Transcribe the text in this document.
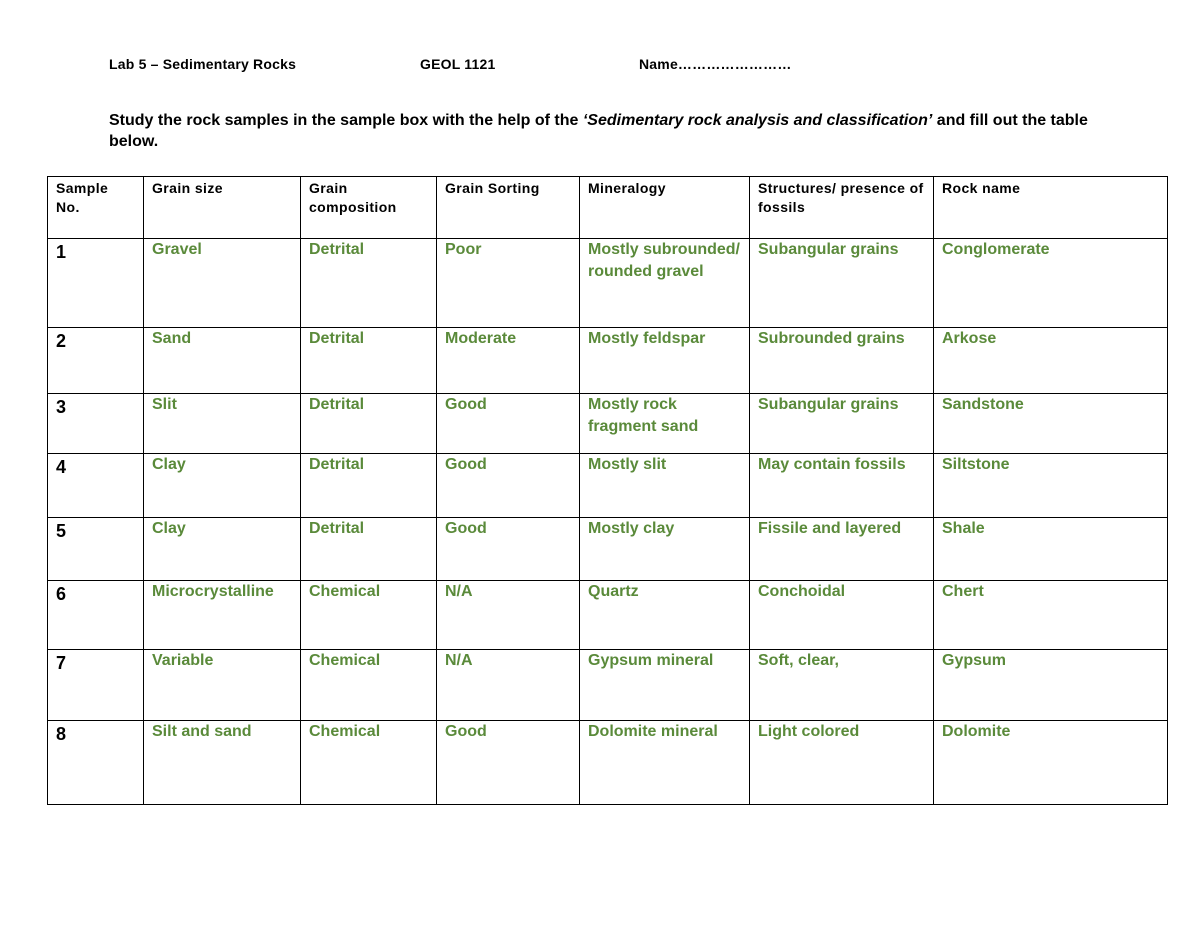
Lab 5 – Sedimentary Rocks	GEOL 1121	Name……………………
Study the rock samples in the sample box with the help of the ‘Sedimentary rock analysis and classification’ and fill out the table below.
Sample No.	Grain size	Grain composition	Grain Sorting	Mineralogy	Structures/ presence of fossils	Rock name
1	Gravel	Detrital	Poor	Mostly subrounded/ rounded gravel	Subangular grains	Conglomerate
2	Sand	Detrital	Moderate	Mostly feldspar	Subrounded grains	Arkose
3	Slit	Detrital	Good	Mostly rock fragment sand	Subangular grains	Sandstone
4	Clay	Detrital	Good	Mostly slit	May contain fossils	Siltstone
5	Clay	Detrital	Good	Mostly clay	Fissile and layered	Shale
6	Microcrystalline	Chemical	N/A	Quartz	Conchoidal	Chert
7	Variable	Chemical	N/A	Gypsum mineral	Soft, clear,	Gypsum
8	Silt and sand	Chemical	Good	Dolomite mineral	Light colored	Dolomite
